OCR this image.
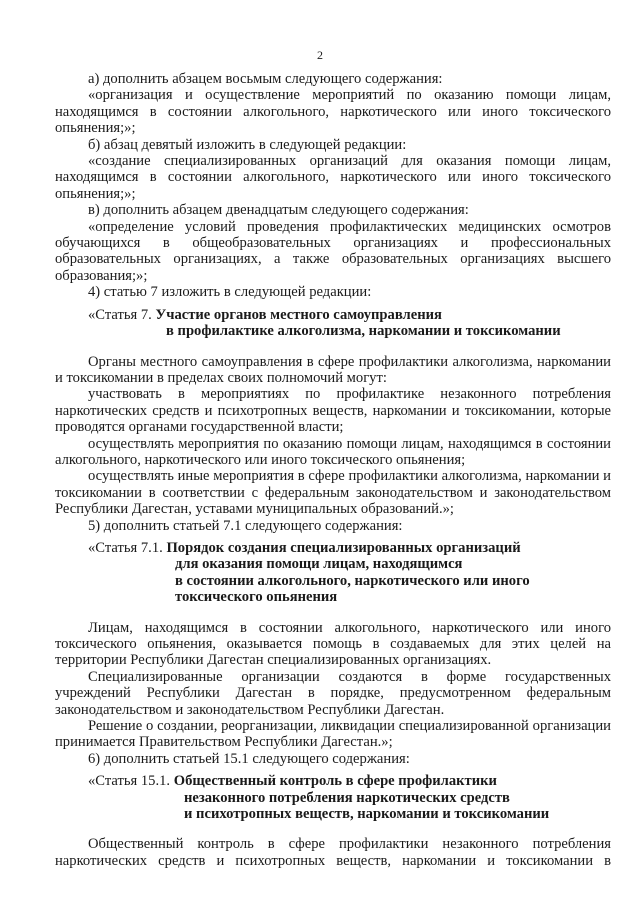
2

а) дополнить абзацем восьмым следующего содержания:

«организация и осуществление мероприятий по оказанию помощи лицам, находящимся в состоянии алкогольного, наркотического или иного токсического опьянения;»;

б) абзац девятый изложить в следующей редакции:

«создание специализированных организаций для оказания помощи лицам, находящимся в состоянии алкогольного, наркотического или иного токсического опьянения;»;

в) дополнить абзацем двенадцатым следующего содержания:

«определение условий проведения профилактических медицинских осмотров обучающихся в общеобразовательных организациях и профессиональных образовательных организациях, а также образовательных организациях высшего образования;»;

4) статью 7 изложить в следующей редакции:

«Статья 7. Участие органов местного самоуправления
в профилактике алкоголизма, наркомании и токсикомании

Органы местного самоуправления в сфере профилактики алкоголизма, наркомании и токсикомании в пределах своих полномочий могут:

участвовать в мероприятиях по профилактике незаконного потребления наркотических средств и психотропных веществ, наркомании и токсикомании, которые проводятся органами государственной власти;

осуществлять мероприятия по оказанию помощи лицам, находящимся в состоянии алкогольного, наркотического или иного токсического опьянения;

осуществлять иные мероприятия в сфере профилактики алкоголизма, наркомании и токсикомании в соответствии с федеральным законодательством и законодательством Республики Дагестан, уставами муниципальных образований.»;

5) дополнить статьей 7.1 следующего содержания:

«Статья 7.1. Порядок создания специализированных организаций
для оказания помощи лицам, находящимся
в состоянии алкогольного, наркотического или иного
токсического опьянения

Лицам, находящимся в состоянии алкогольного, наркотического или иного токсического опьянения, оказывается помощь в создаваемых для этих целей на территории Республики Дагестан специализированных организациях.

Специализированные организации создаются в форме государственных учреждений Республики Дагестан в порядке, предусмотренном федеральным законодательством и законодательством Республики Дагестан.

Решение о создании, реорганизации, ликвидации специализированной организации принимается Правительством Республики Дагестан.»;

6) дополнить статьей 15.1 следующего содержания:

«Статья 15.1. Общественный контроль в сфере профилактики
незаконного потребления наркотических средств
и психотропных веществ, наркомании и токсикомании

Общественный контроль в сфере профилактики незаконного потребления наркотических средств и психотропных веществ, наркомании и токсикомании в
